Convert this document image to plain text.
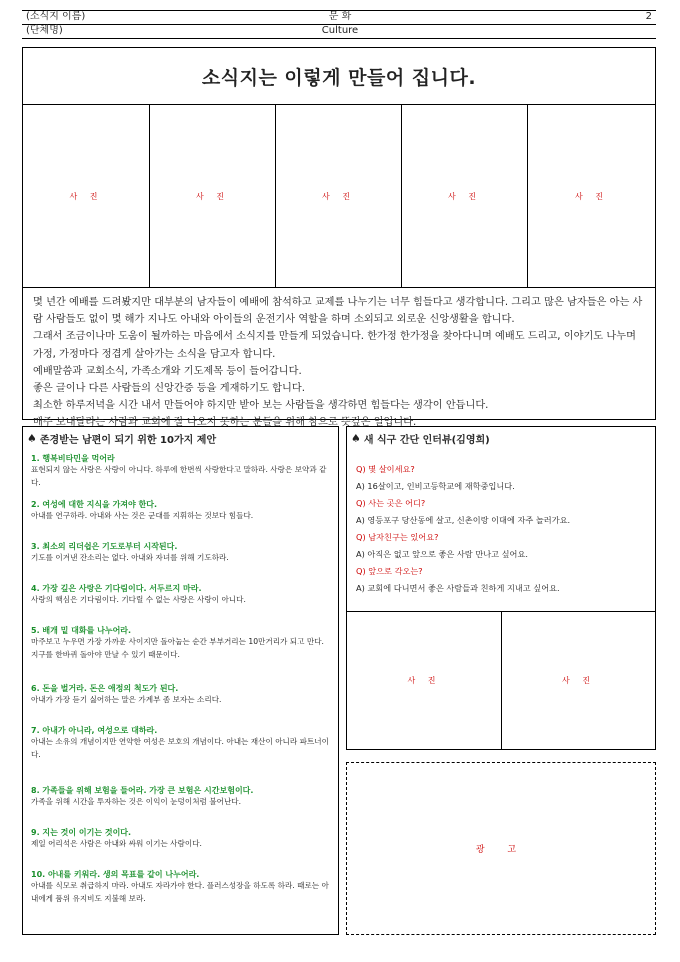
(소식지 이름)	문 화	2
(단체명)	Culture
소식지는 이렇게 만들어 집니다.
사 진	사 진	사 진	사 진	사 진

몇 년간 예배를 드려봤지만 대부분의 남자들이 예배에 참석하고 교제를 나누기는 너무 힘들다고 생각합니다. 그리고 많은 남자들은 아는 사람 사람들도 없이 몇 해가 지나도 아내와 아이들의 운전기사 역할을 하며 소외되고 외로운 신앙생활을 합니다.

그래서 조금이나마 도움이 될까하는 마음에서 소식지를 만들게 되었습니다. 한가정 한가정을 찾아다니며 예배도 드리고, 이야기도 나누며 가정, 가정마다 정겹게 살아가는 소식을 담고자 합니다.

예배말씀과 교회소식, 가족소개와 기도제목 등이 들어갑니다.

좋은 글이나 다른 사람들의 신앙간증 등을 게재하기도 합니다.

최소한 하루저녁을 시간 내서 만들어야 하지만 받아 보는 사람들을 생각하면 힘들다는 생각이 안듭니다.

매주 보내달라는 사람과 교회에 잘 나오지 못하는 분들을 위해 참으로 뜻깊은 일입니다.

♠ 존경받는 남편이 되기 위한 10가지 제안
1. 행복비타민을 먹어라
표현되지 않는 사랑은 사랑이 아니다. 하루에 한번씩 사랑한다고 말하라. 사랑은 보약과 같다.
2. 여성에 대한 지식을 가져야 한다.
아내를 연구하라. 아내와 사는 것은 군대를 지휘하는 것보다 힘들다.
3. 최소의 리더쉽은 기도로부터 시작된다.
기도를 이겨낸 잔소리는 없다. 아내와 자녀를 위해 기도하라.
4. 가장 깊은 사랑은 기다림이다. 서두르지 마라.
사랑의 핵심은 기다림이다. 기다릴 수 없는 사랑은 사랑이 아니다.
5. 배개 밑 대화를 나누어라.
마주보고 누우면 가장 가까운 사이지만 돌아눕는 순간 부부거리는 10만거리가 되고 만다. 지구를 한바퀴 돌아야 만날 수 있기 때문이다.
6. 돈을 벌거라. 돈은 애정의 척도가 된다.
아내가 가장 듣기 싫어하는 말은 가계부 좀 보자는 소리다.
7. 아내가 아니라, 여성으로 대하라.
아내는 소유의 개념이지만 연약한 여성은 보호의 개념이다. 아내는 재산이 아니라 파트너이다.
8. 가족들을 위해 보험을 들어라. 가장 큰 보험은 시간보험이다.
가족을 위해 시간을 투자하는 것은 이익이 눈덩이처럼 불어난다.
9. 지는 것이 이기는 것이다.
제일 어리석은 사람은 아내와 싸워 이기는 사람이다.
10. 아내를 키워라. 생의 목표를 같이 나누어라.
아내를 식모로 취급하지 마라. 아내도 자라가야 한다. 플러스성장을 하도록 하라. 때로는 아내에게 품위 유지비도 지불해 보라.
♠ 새 식구 간단 인터뷰(김영희)
Q) 몇 살이세요?
A) 16살이고, 인비고등학교에 재학중입니다.
Q) 사는 곳은 어디?
A) 영등포구 당산동에 살고, 신촌이랑 이대에 자주 놀러가요.
Q) 남자친구는 있어요?
A) 아직은 없고 앞으로 좋은 사람 만나고 싶어요.
Q) 앞으로 각오는?
A) 교회에 다니면서 좋은 사람들과 친하게 지내고 싶어요.
사 진	사 진
광 고
